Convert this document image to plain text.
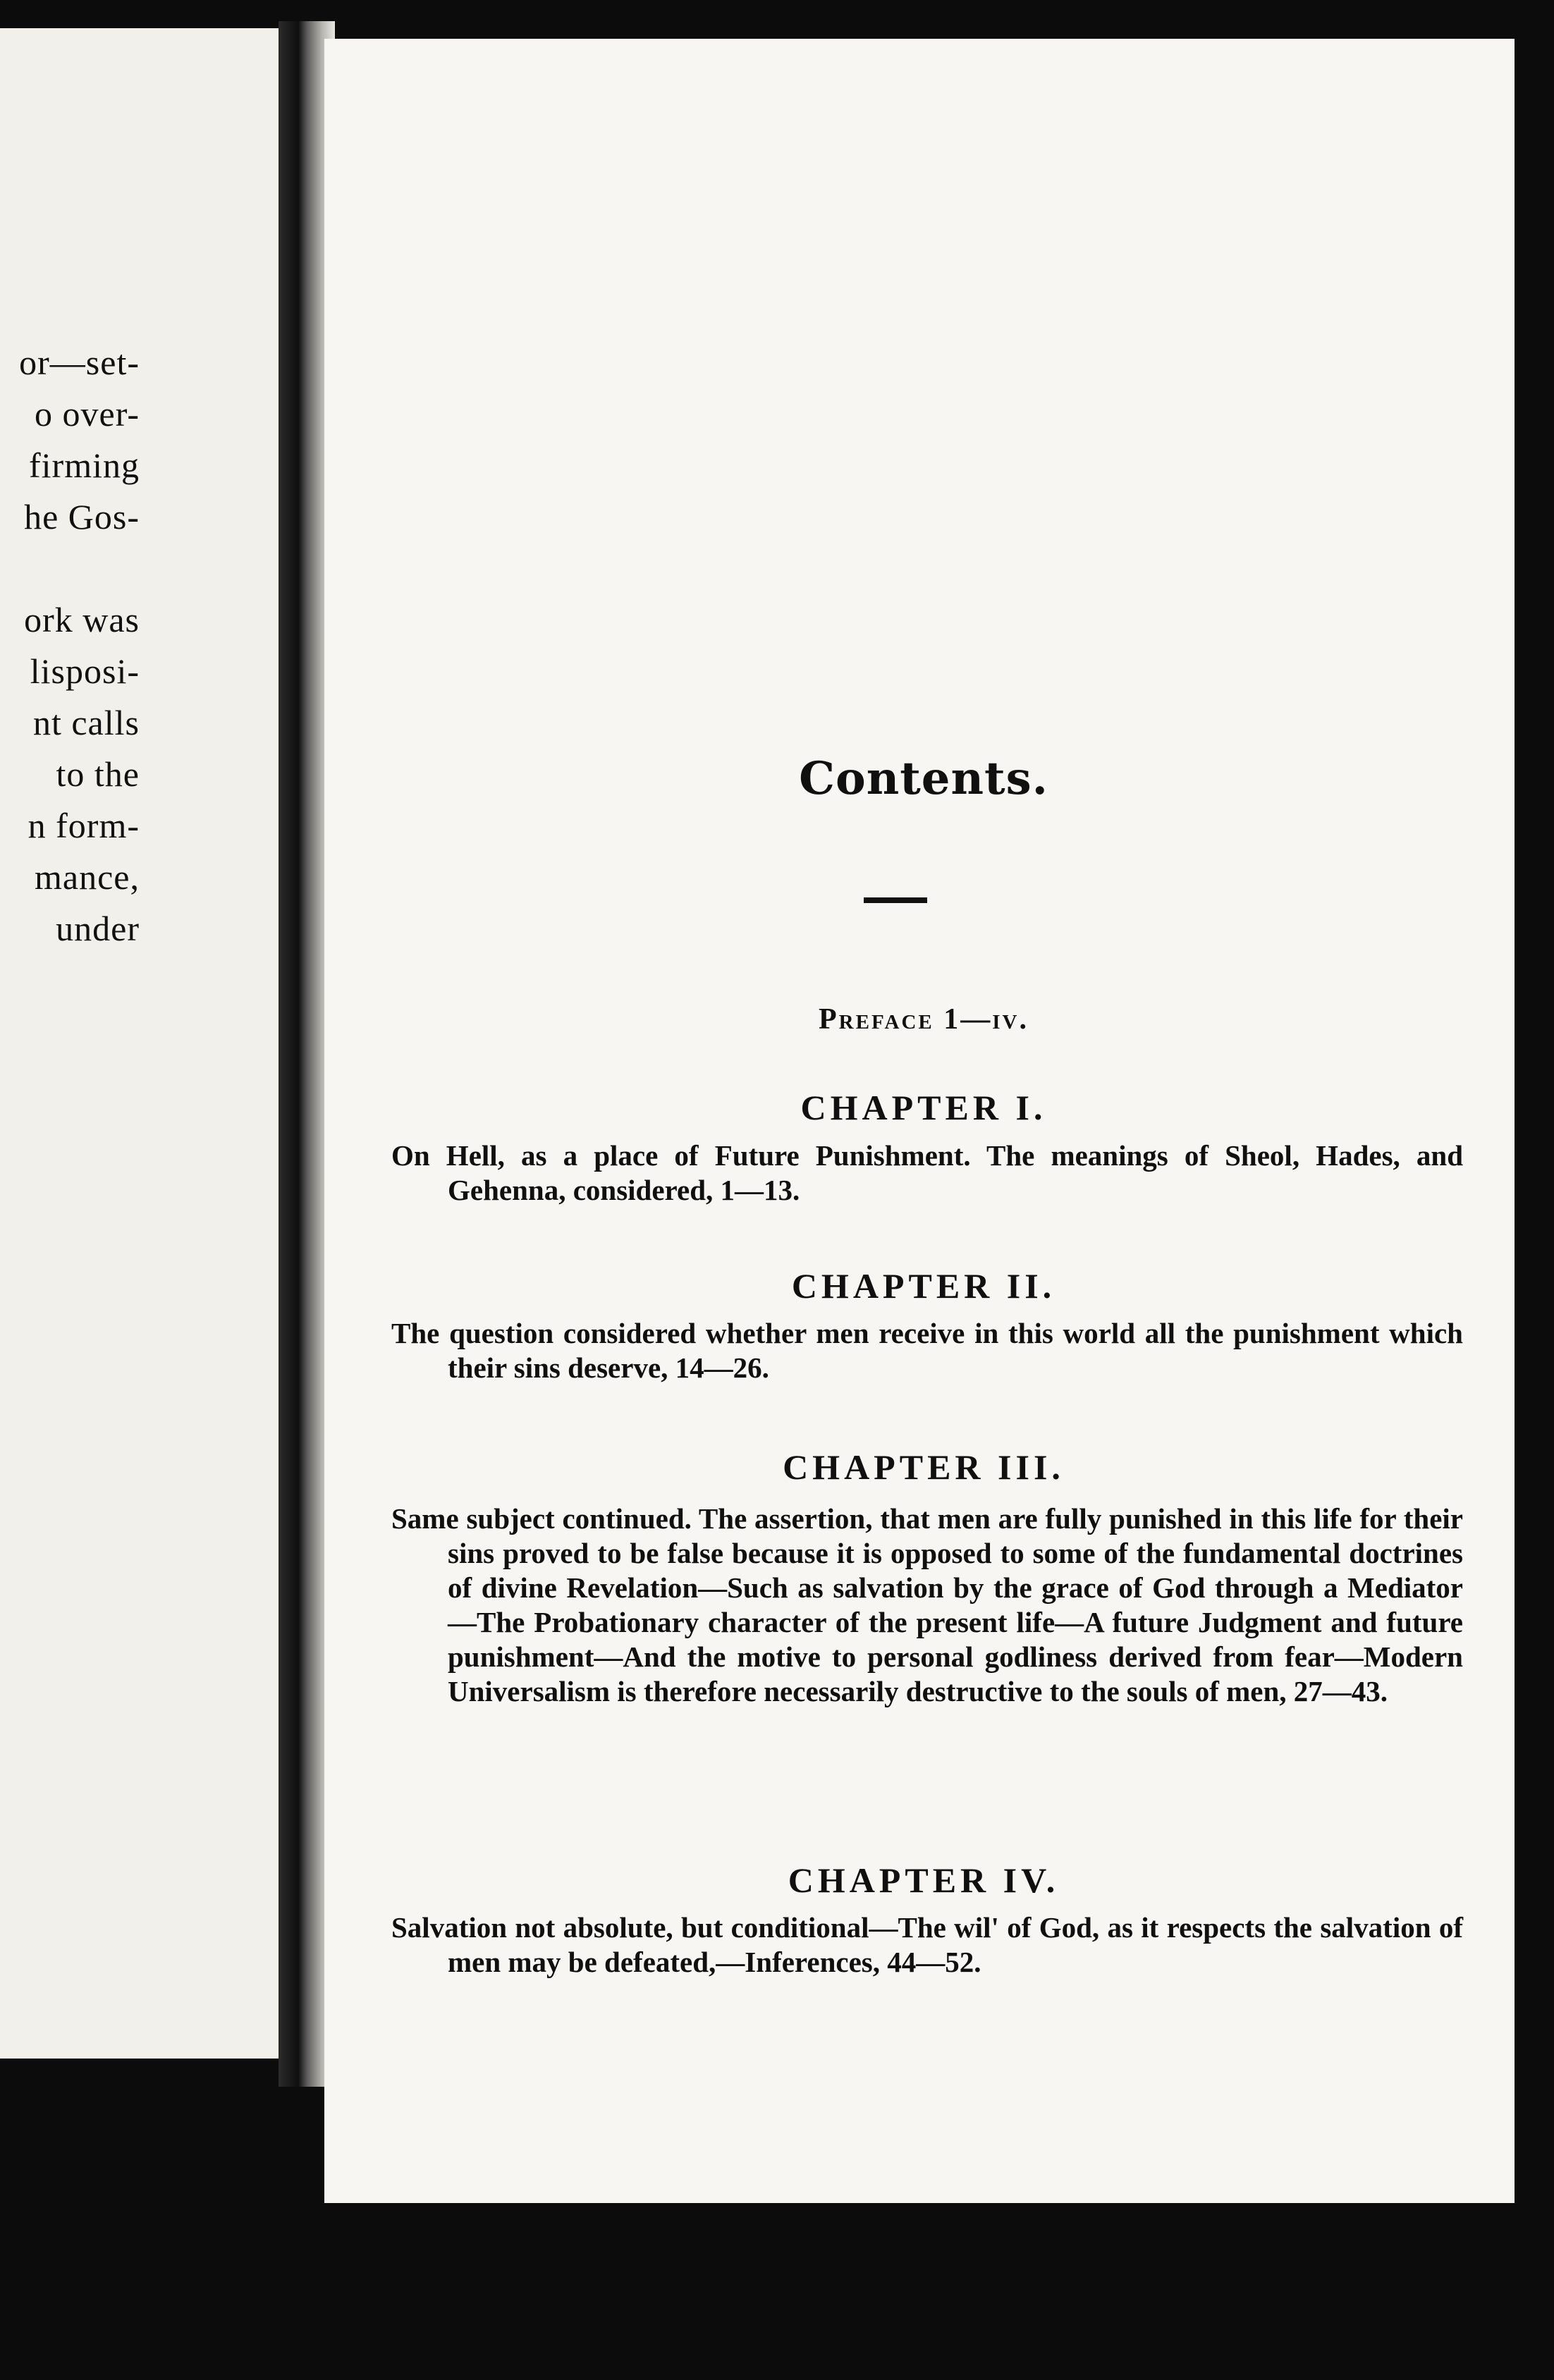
or—set-
o over-
firming
he Gos-
ork was
lisposi-
nt calls
to the
n form-
mance,
under
Contents.
Preface 1—iv.
CHAPTER I.
On Hell, as a place of Future Punishment. The meanings of Sheol, Hades, and Gehenna, considered, 1—13.
CHAPTER II.
The question considered whether men receive in this world all the punishment which their sins deserve, 14—26.
CHAPTER III.
Same subject continued. The assertion, that men are fully punished in this life for their sins proved to be false because it is opposed to some of the fundamental doctrines of divine Revelation—Such as salvation by the grace of God through a Mediator—The Probationary character of the present life—A future Judgment and future punishment—And the motive to personal godliness derived from fear—Modern Universalism is therefore necessarily destructive to the souls of men, 27—43.
CHAPTER IV.
Salvation not absolute, but conditional—The wil' of God, as it respects the salvation of men may be defeated,—Inferences, 44—52.
